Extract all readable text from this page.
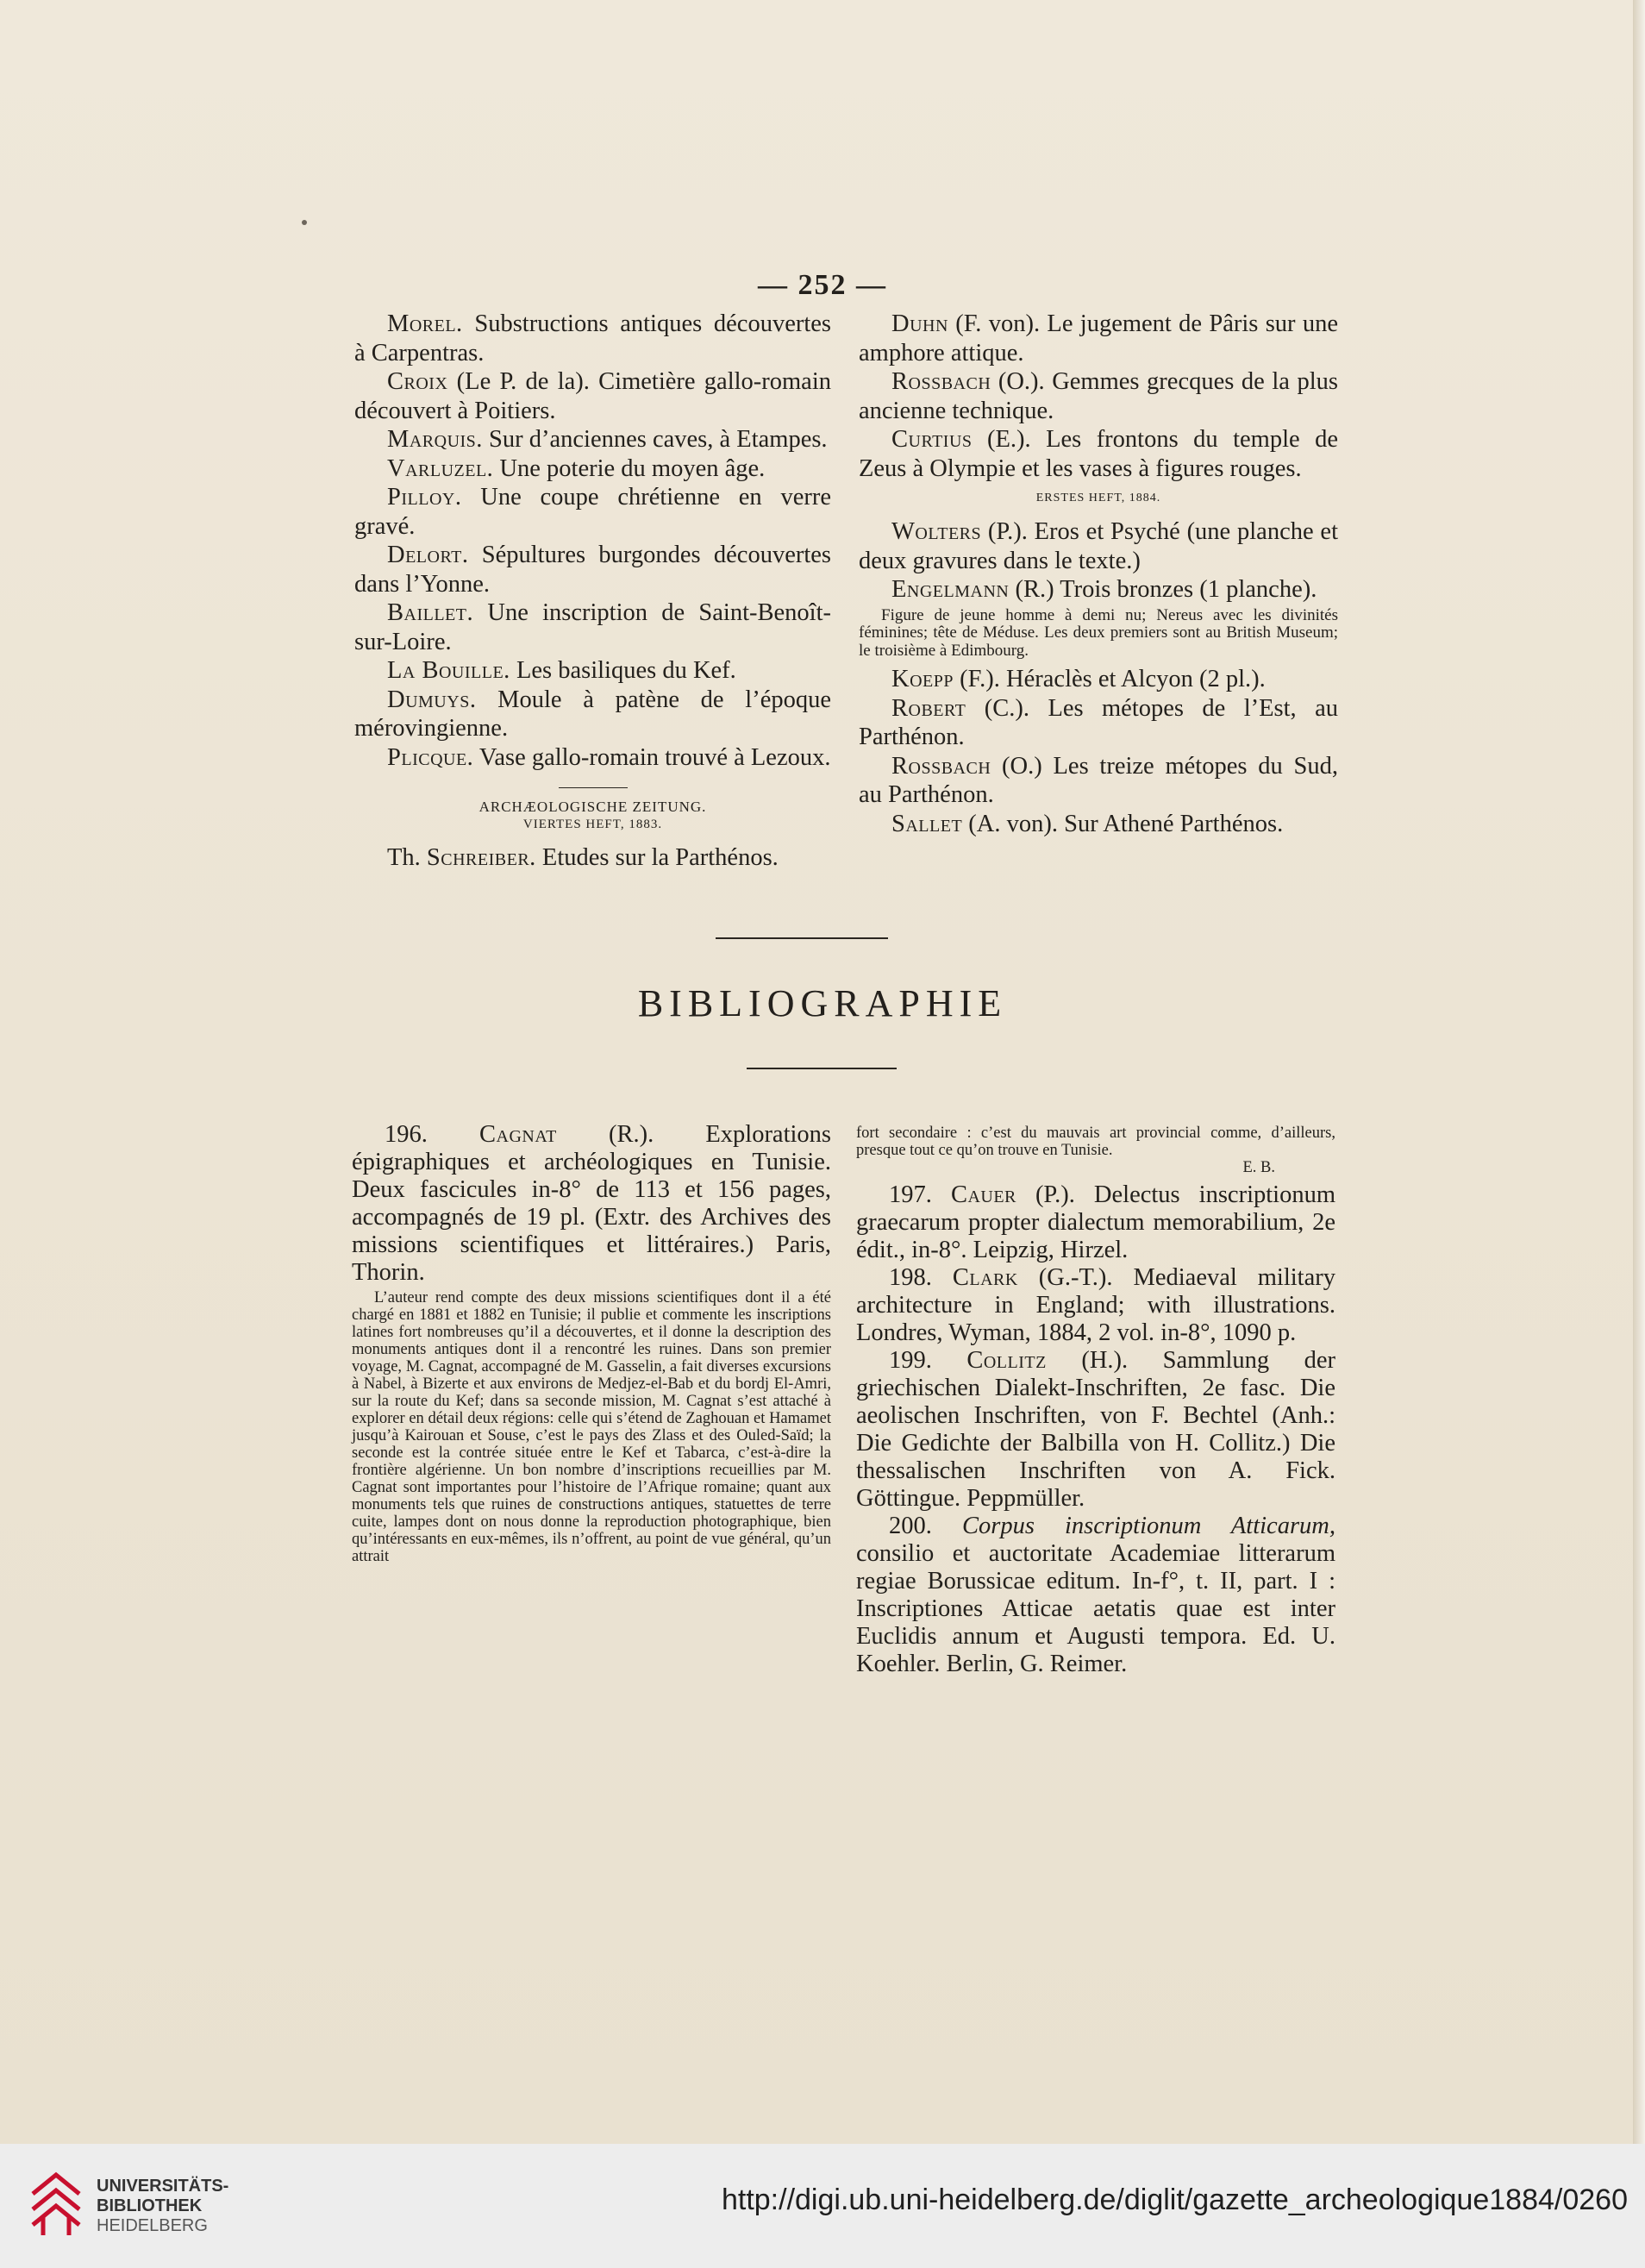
— 252 —

Morel. Substructions antiques découvertes à Carpentras.

Croix (Le P. de la). Cimetière gallo-romain découvert à Poitiers.

Marquis. Sur d’anciennes caves, à Etampes.

Varluzel. Une poterie du moyen âge.

Pilloy. Une coupe chrétienne en verre gravé.

Delort. Sépultures burgondes découvertes dans l’Yonne.

Baillet. Une inscription de Saint-Benoît-sur-Loire.

La Bouille. Les basiliques du Kef.

Dumuys. Moule à patène de l’époque mérovingienne.

Plicque. Vase gallo-romain trouvé à Lezoux.

ARCHÆOLOGISCHE ZEITUNG.
VIERTES HEFT, 1883.

Th. Schreiber. Etudes sur la Parthénos.

Duhn (F. von). Le jugement de Pâris sur une amphore attique.

Rossbach (O.). Gemmes grecques de la plus ancienne technique.

Curtius (E.). Les frontons du temple de Zeus à Olympie et les vases à figures rouges.

ERSTES HEFT, 1884.

Wolters (P.). Eros et Psyché (une planche et deux gravures dans le texte.)

Engelmann (R.) Trois bronzes (1 planche).

Figure de jeune homme à demi nu; Nereus avec les divinités féminines; tête de Méduse. Les deux premiers sont au British Museum; le troisième à Edimbourg.

Koepp (F.). Héraclès et Alcyon (2 pl.).

Robert (C.). Les métopes de l’Est, au Parthénon.

Rossbach (O.) Les treize métopes du Sud, au Parthénon.

Sallet (A. von). Sur Athené Parthénos.

BIBLIOGRAPHIE

196. Cagnat (R.). Explorations épigraphiques et archéologiques en Tunisie. Deux fascicules in-8° de 113 et 156 pages, accompagnés de 19 pl. (Extr. des Archives des missions scientifiques et littéraires.) Paris, Thorin.

L’auteur rend compte des deux missions scientifiques dont il a été chargé en 1881 et 1882 en Tunisie; il publie et commente les inscriptions latines fort nombreuses qu’il a découvertes, et il donne la description des monuments antiques dont il a rencontré les ruines. Dans son premier voyage, M. Cagnat, accompagné de M. Gasselin, a fait diverses excursions à Nabel, à Bizerte et aux environs de Medjez-el-Bab et du bordj El-Amri, sur la route du Kef; dans sa seconde mission, M. Cagnat s’est attaché à explorer en détail deux régions: celle qui s’étend de Zaghouan et Hamamet jusqu’à Kairouan et Souse, c’est le pays des Zlass et des Ouled-Saïd; la seconde est la contrée située entre le Kef et Tabarca, c’est-à-dire la frontière algérienne. Un bon nombre d’inscriptions recueillies par M. Cagnat sont importantes pour l’histoire de l’Afrique romaine; quant aux monuments tels que ruines de constructions antiques, statuettes de terre cuite, lampes dont on nous donne la reproduction photographique, bien qu’intéressants en eux-mêmes, ils n’offrent, au point de vue général, qu’un attrait
fort secondaire : c’est du mauvais art provincial comme, d’ailleurs, presque tout ce qu’on trouve en Tunisie.
E. B.

197. Cauer (P.). Delectus inscriptionum graecarum propter dialectum memorabilium, 2e édit., in-8°. Leipzig, Hirzel.

198. Clark (G.-T.). Mediaeval military architecture in England; with illustrations. Londres, Wyman, 1884, 2 vol. in-8°, 1090 p.

199. Collitz (H.). Sammlung der griechischen Dialekt-Inschriften, 2e fasc. Die aeolischen Inschriften, von F. Bechtel (Anh.: Die Gedichte der Balbilla von H. Collitz.) Die thessalischen Inschriften von A. Fick. Göttingue. Peppmüller.

200. Corpus inscriptionum Atticarum, consilio et auctoritate Academiae litterarum regiae Borussicae editum. In-f°, t. II, part. I : Inscriptiones Atticae aetatis quae est inter Euclidis annum et Augusti tempora. Ed. U. Koehler. Berlin, G. Reimer.

UNIVERSITÄTS-
BIBLIOTHEK
HEIDELBERG
http://digi.ub.uni-heidelberg.de/diglit/gazette_archeologique1884/0260
